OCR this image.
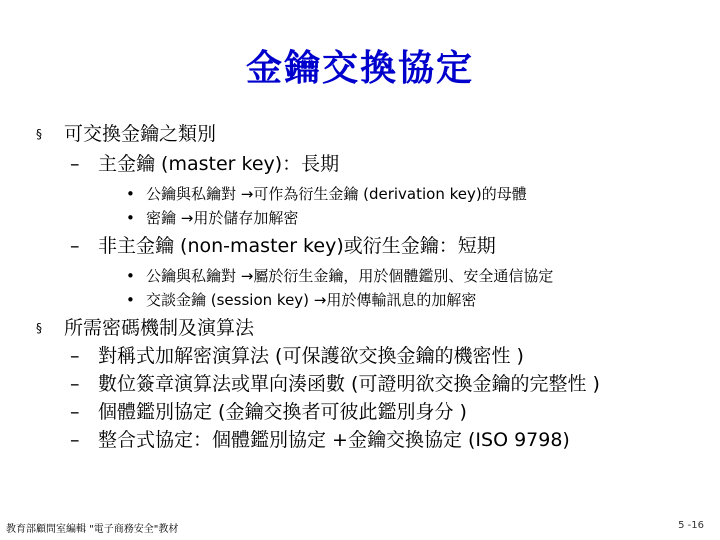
金鑰交換協定
§ 可交換金鑰之類別
– 主金鑰 (master key)：長期
• 公鑰與私鑰對 →可作為衍生金鑰 (derivation key)的母體
• 密鑰 →用於儲存加解密
– 非主金鑰 (non-master key)或衍生金鑰：短期
• 公鑰與私鑰對 →屬於衍生金鑰，用於個體鑑別、安全通信協定
• 交談金鑰 (session key) →用於傳輸訊息的加解密
§ 所需密碼機制及演算法
– 對稱式加解密演算法 (可保護欲交換金鑰的機密性 )
– 數位簽章演算法或單向湊函數 (可證明欲交換金鑰的完整性 )
– 個體鑑別協定 (金鑰交換者可彼此鑑別身分 )
– 整合式協定：個體鑑別協定 +金鑰交換協定 (ISO 9798)
教育部顧問室編輯 "電子商務安全"教材	5 -16
